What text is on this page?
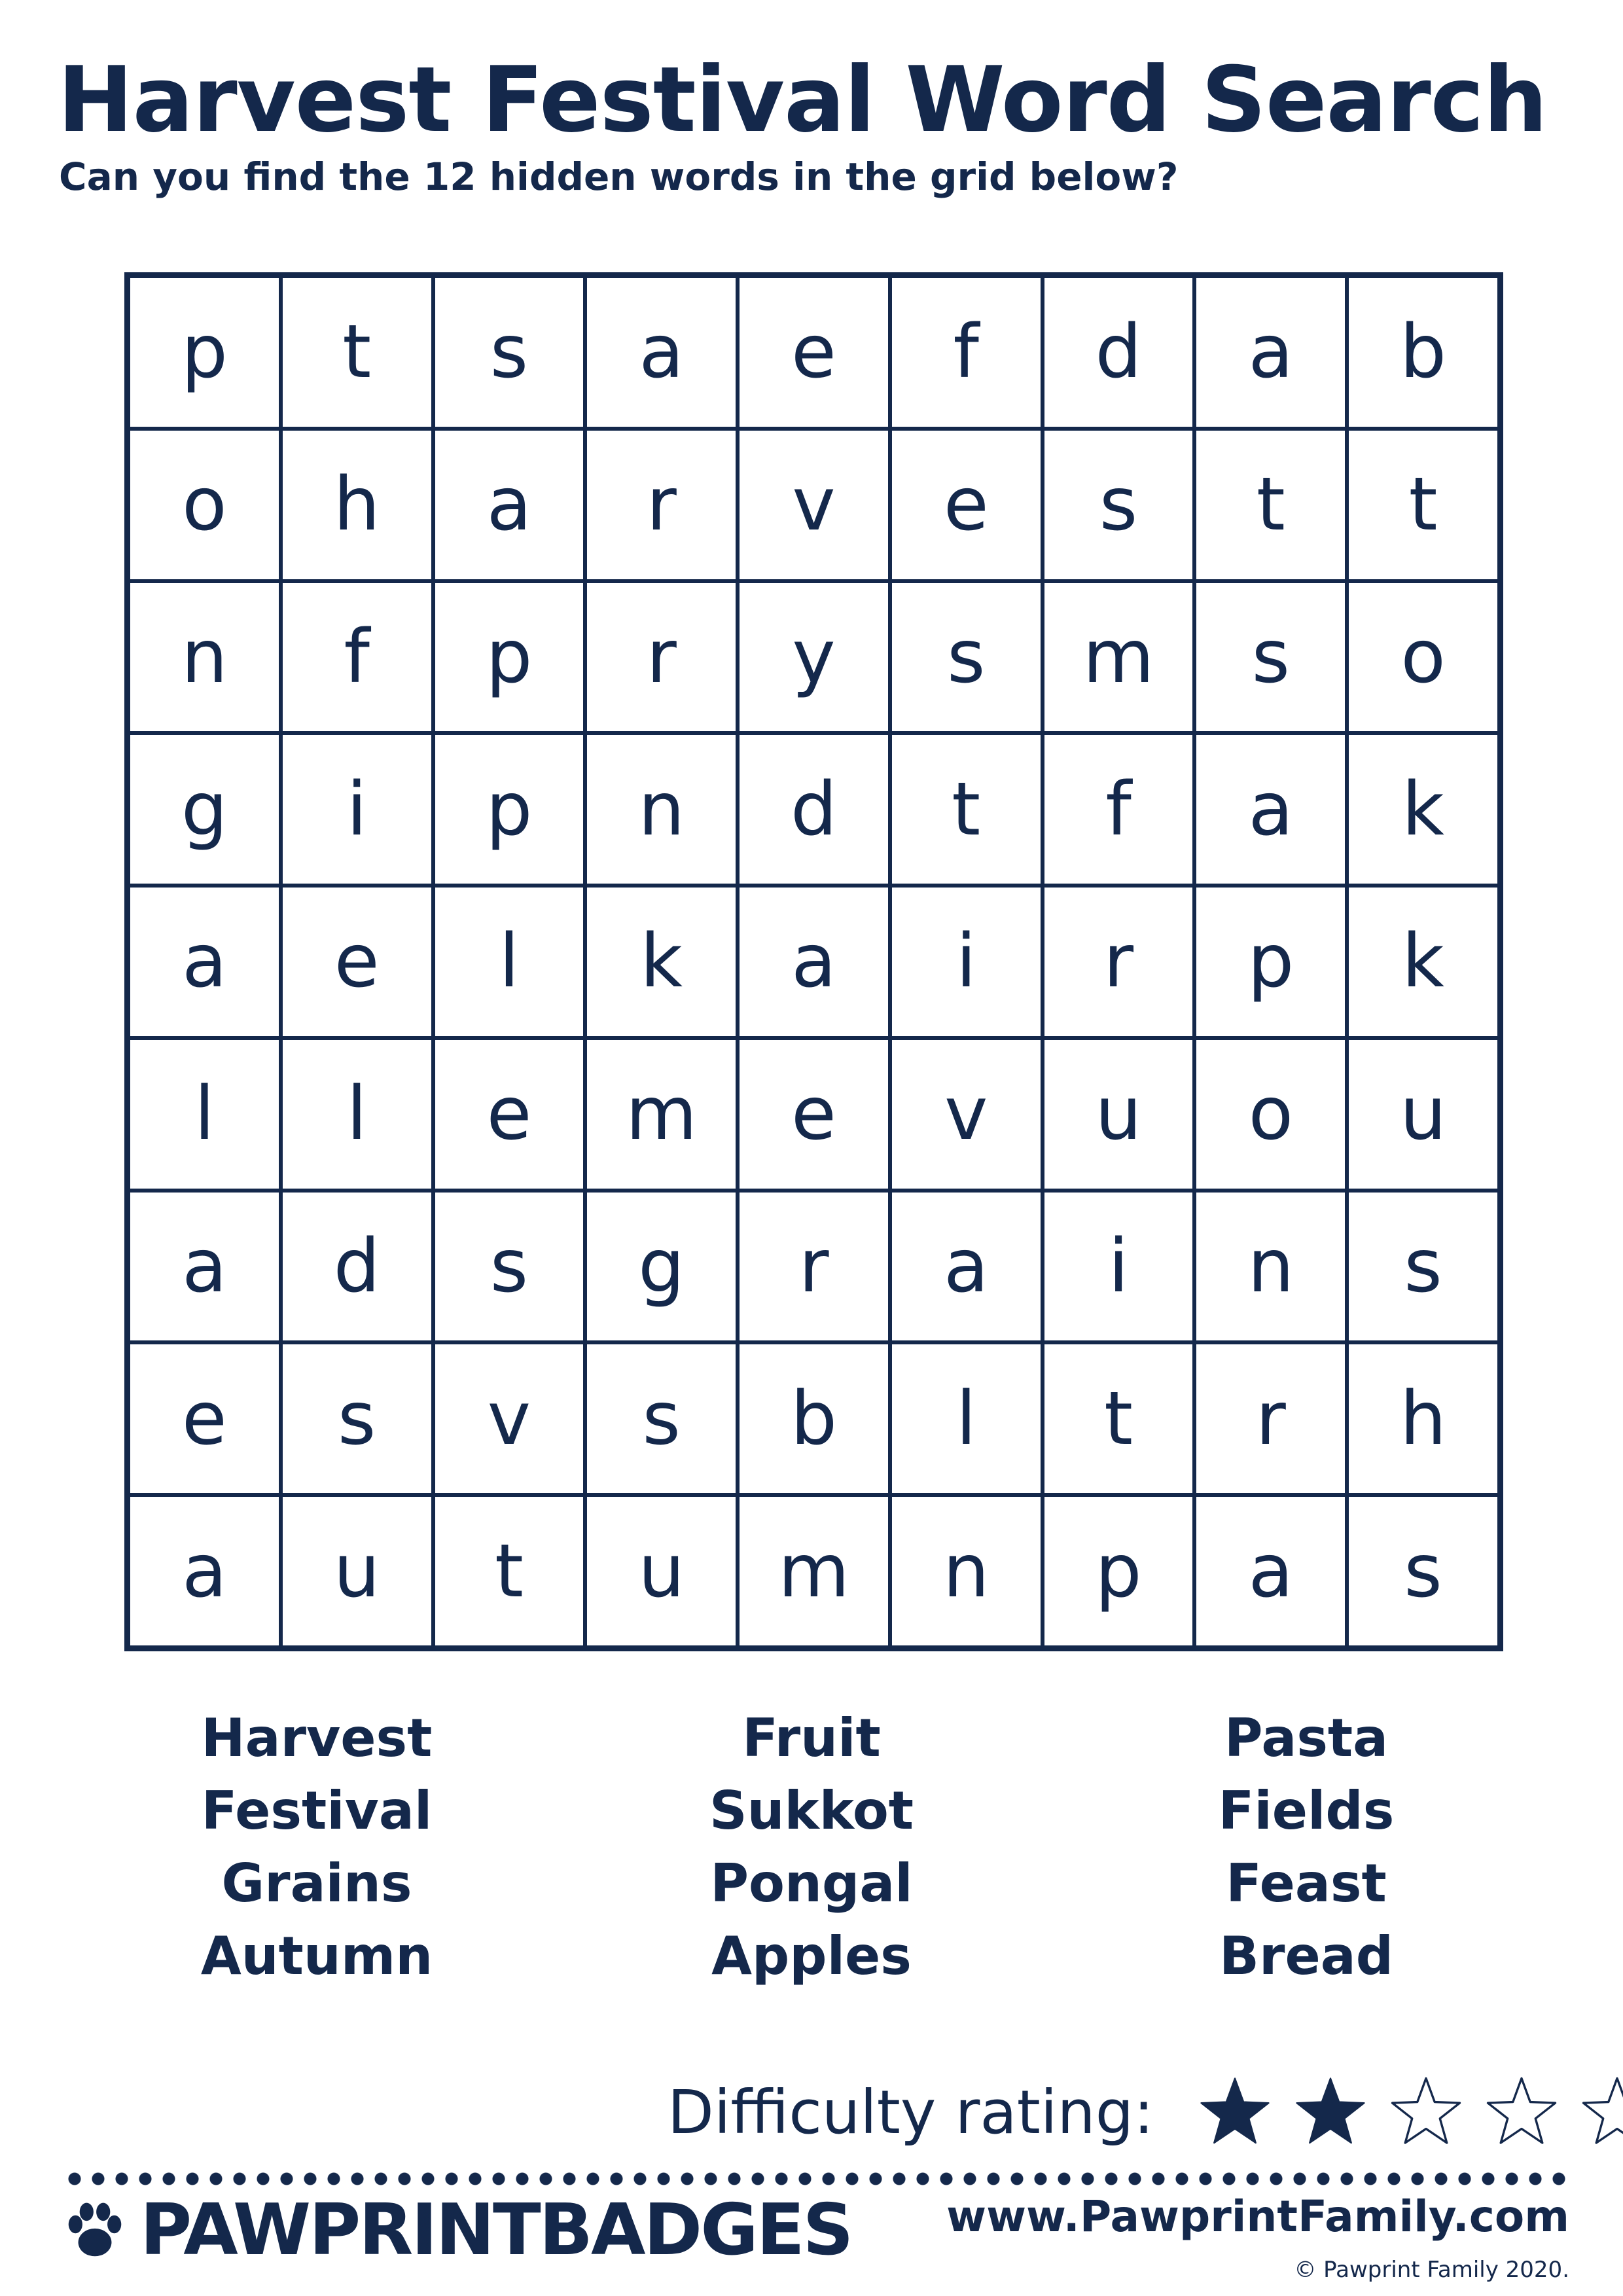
Harvest Festival Word Search

Can you find the 12 hidden words in the grid below?

p	t	s	a	e	f	d	a	b
o	h	a	r	v	e	s	t	t
n	f	p	r	y	s	m	s	o
g	i	p	n	d	t	f	a	k
a	e	l	k	a	i	r	p	k
l	l	e	m	e	v	u	o	u
a	d	s	g	r	a	i	n	s
e	s	v	s	b	l	t	r	h
a	u	t	u	m	n	p	a	s
Harvest
Festival
Grains
Autumn
Fruit
Sukkot
Pongal
Apples
Pasta
Fields
Feast
Bread
Difficulty rating:
PAWPRINTBADGES www.PawprintFamily.com
© Pawprint Family 2020.
